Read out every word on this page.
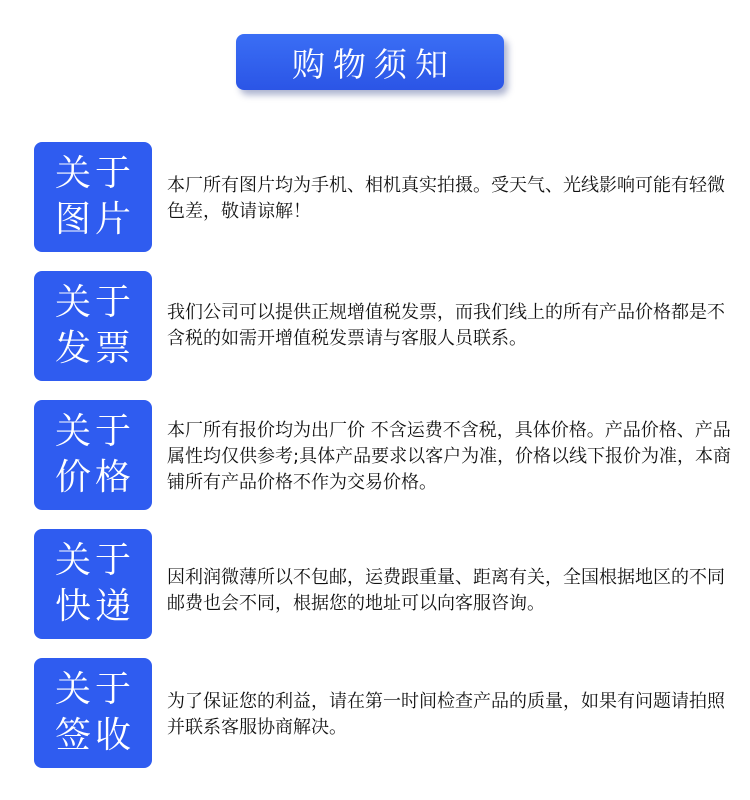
购物须知
关于
图片

本厂所有图片均为手机、相机真实拍摄。受天气、光线影响可能有轻微色差，敬请谅解！

关于
发票

我们公司可以提供正规增值税发票，而我们线上的所有产品价格都是不含税的如需开增值税发票请与客服人员联系。

关于
价格

本厂所有报价均为出厂价 不含运费不含税，具体价格。产品价格、产品属性均仅供参考;具体产品要求以客户为准，价格以线下报价为准，本商铺所有产品价格不作为交易价格。

关于
快递

因利润微薄所以不包邮，运费跟重量、距离有关，全国根据地区的不同邮费也会不同，根据您的地址可以向客服咨询。

关于
签收

为了保证您的利益，请在第一时间检查产品的质量，如果有问题请拍照并联系客服协商解决。
